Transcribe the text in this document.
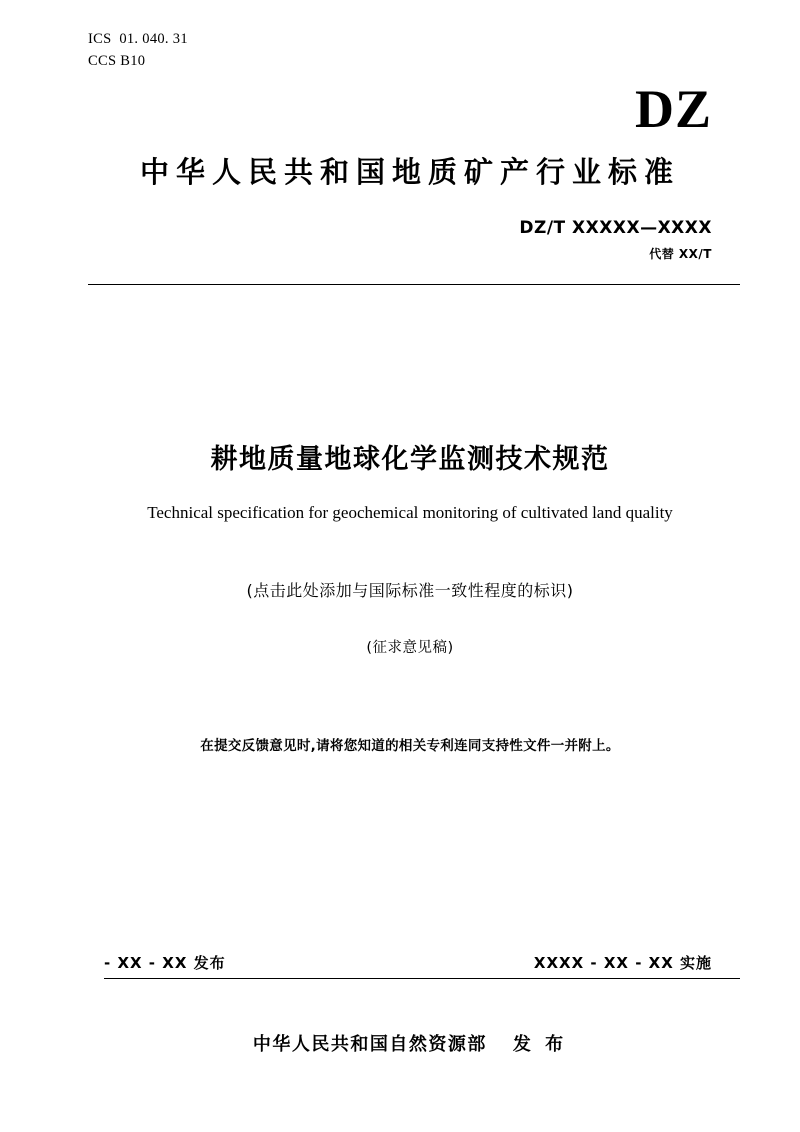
ICS  01. 040. 31
CCS B10
DZ
中华人民共和国地质矿产行业标准
DZ/T XXXXX—XXXX
代替 XX/T
耕地质量地球化学监测技术规范
Technical specification for geochemical monitoring of cultivated land quality
(点击此处添加与国际标准一致性程度的标识)
(征求意见稿)
在提交反馈意见时,请将您知道的相关专利连同支持性文件一并附上。
- XX - XX 发布	XXXX - XX - XX 实施
中华人民共和国自然资源部 发 布
